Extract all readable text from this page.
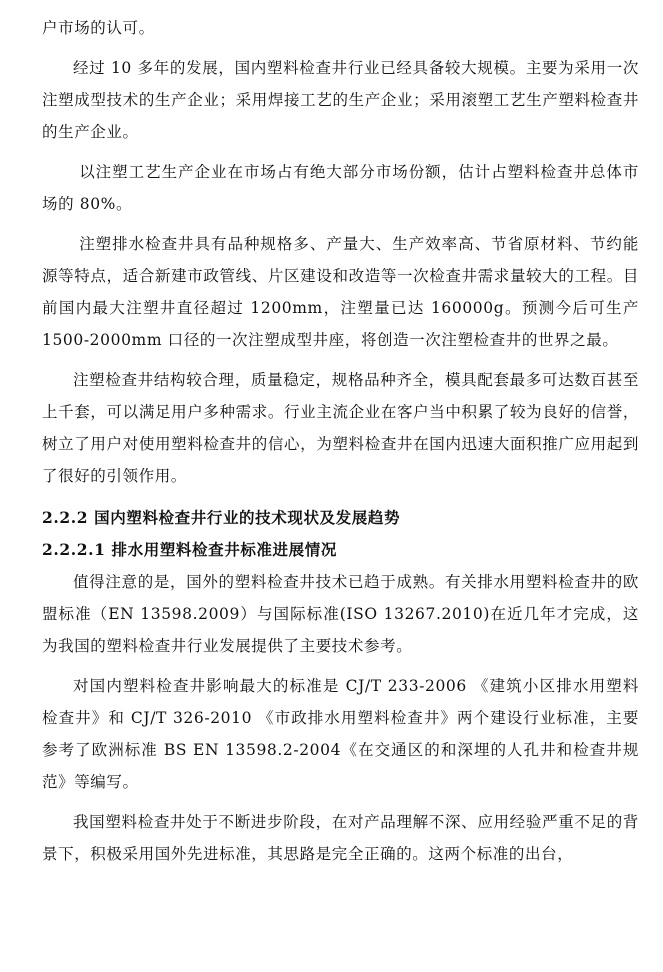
户市场的认可。

经过 10 多年的发展，国内塑料检查井行业已经具备较大规模。主要为采用一次注塑成型技术的生产企业；采用焊接工艺的生产企业；采用滚塑工艺生产塑料检查井的生产企业。

以注塑工艺生产企业在市场占有绝大部分市场份额，估计占塑料检查井总体市场的 80%。

注塑排水检查井具有品种规格多、产量大、生产效率高、节省原材料、节约能源等特点，适合新建市政管线、片区建设和改造等一次检查井需求量较大的工程。目前国内最大注塑井直径超过 1200mm，注塑量已达 160000g。预测今后可生产 1500-2000mm 口径的一次注塑成型井座，将创造一次注塑检查井的世界之最。

注塑检查井结构较合理，质量稳定，规格品种齐全，模具配套最多可达数百甚至上千套，可以满足用户多种需求。行业主流企业在客户当中积累了较为良好的信誉，树立了用户对使用塑料检查井的信心，为塑料检查井在国内迅速大面积推广应用起到了很好的引领作用。

2.2.2 国内塑料检查井行业的技术现状及发展趋势

2.2.2.1 排水用塑料检查井标准进展情况

值得注意的是，国外的塑料检查井技术已趋于成熟。有关排水用塑料检查井的欧盟标准（EN 13598.2009）与国际标准(ISO 13267.2010)在近几年才完成，这为我国的塑料检查井行业发展提供了主要技术参考。

对国内塑料检查井影响最大的标准是 CJ/T 233-2006 《建筑小区排水用塑料检查井》和 CJ/T 326-2010 《市政排水用塑料检查井》两个建设行业标准，主要参考了欧洲标准 BS EN 13598.2-2004《在交通区的和深埋的人孔井和检查井规范》等编写。

我国塑料检查井处于不断进步阶段，在对产品理解不深、应用经验严重不足的背景下，积极采用国外先进标准，其思路是完全正确的。这两个标准的出台，
